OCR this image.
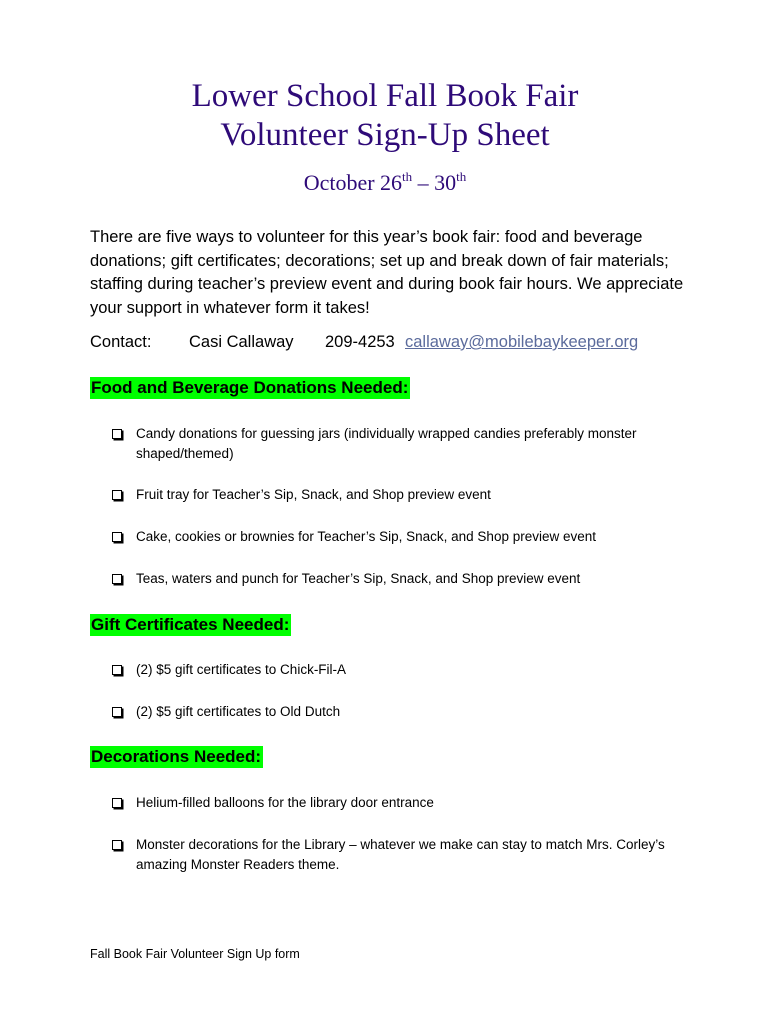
Lower School Fall Book Fair
Volunteer Sign-Up Sheet
October 26th – 30th
There are five ways to volunteer for this year’s book fair: food and beverage donations; gift certificates; decorations; set up and break down of fair materials; staffing during teacher’s preview event and during book fair hours. We appreciate your support in whatever form it takes!
Contact: Casi Callaway 209-4253 callaway@mobilebaykeeper.org
Food and Beverage Donations Needed:
Candy donations for guessing jars (individually wrapped candies preferably monster shaped/themed)
Fruit tray for Teacher’s Sip, Snack, and Shop preview event
Cake, cookies or brownies for Teacher’s Sip, Snack, and Shop preview event
Teas, waters and punch for Teacher’s Sip, Snack, and Shop preview event
Gift Certificates Needed:
(2) $5 gift certificates to Chick-Fil-A
(2) $5 gift certificates to Old Dutch
Decorations Needed:
Helium-filled balloons for the library door entrance
Monster decorations for the Library – whatever we make can stay to match Mrs. Corley’s amazing Monster Readers theme.
Fall Book Fair Volunteer Sign Up form
